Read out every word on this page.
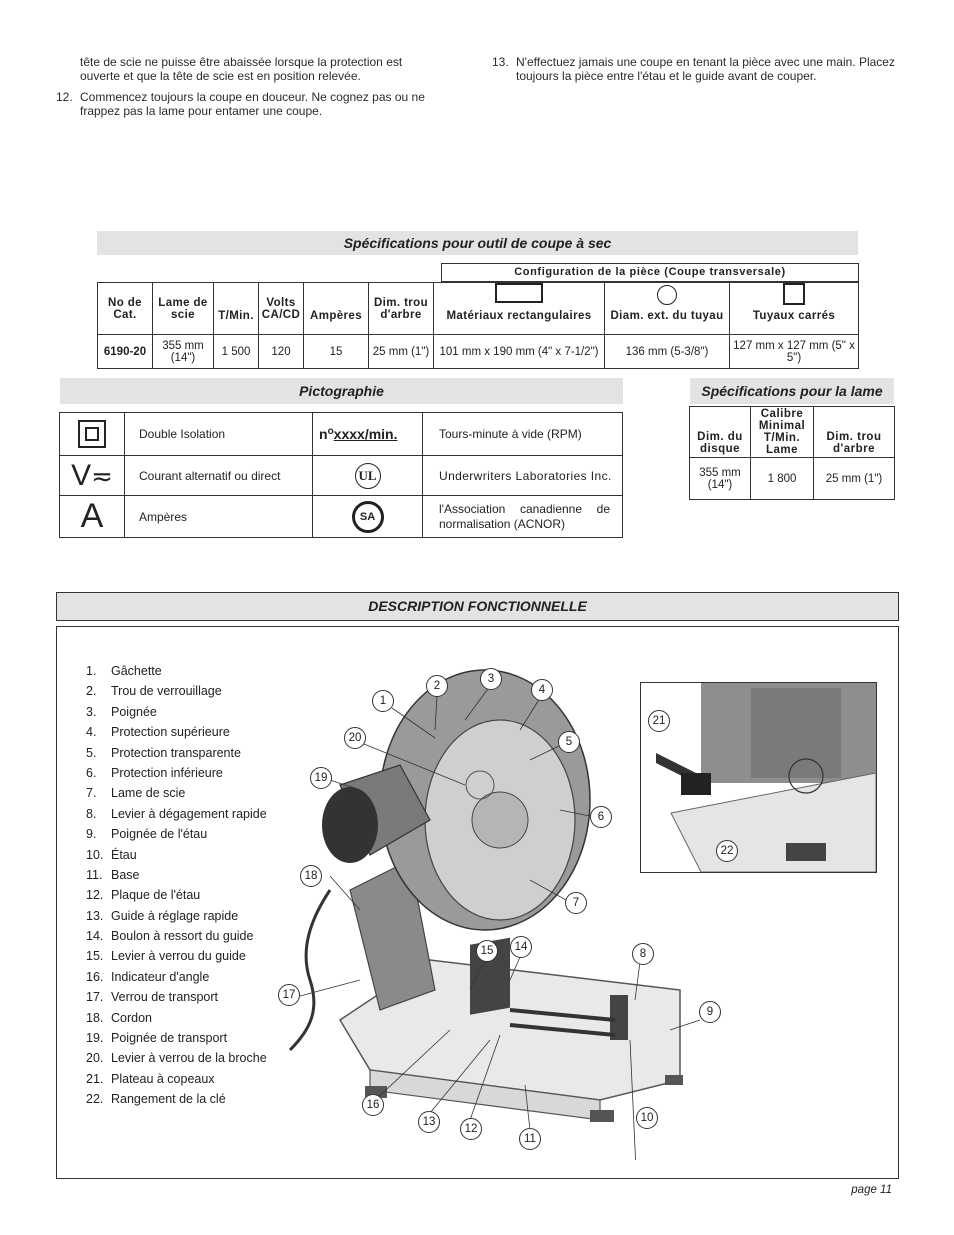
tête de scie ne puisse être abaissée lorsque la protection est ouverte et que la tête de scie est en position relevée.
12. Commencez toujours la coupe en douceur. Ne cognez pas ou ne frappez pas la lame pour entamer une coupe.
13. N'effectuez jamais une coupe en tenant la pièce avec une main. Placez toujours la pièce entre l'étau et le guide avant de couper.
Spécifications pour outil de coupe à sec
Configuration de la pièce (Coupe transversale)
No de Cat.	Lame de scie	T/Min.	Volts CA/CD	Ampères	Dim. trou d'arbre	Matériaux rectangulaires	Diam. ext. du tuyau	Tuyaux carrés
6190-20	355 mm (14")	1 500	120	15	25 mm (1")	101 mm x 190 mm (4" x 7-1/2")	136 mm (5-3/8")	127 mm x 127 mm (5" x 5")
Pictographie
	Double Isolation	$n^oxxxx/\min$.	Tours-minute à vide (RPM)
V≂	Courant alternatif ou direct	UL	Underwriters Laboratories Inc.
A	Ampères	SA	l'Association canadienne de normalisation (ACNOR)
Spécifications pour la lame
Dim. du disque	Calibre Minimal T/Min. Lame	Dim. trou d'arbre
355 mm (14")	1 800	25 mm (1")
DESCRIPTION FONCTIONNELLE
1.	Gâchette
2.	Trou de verrouillage
3.	Poignée
4.	Protection supérieure
5.	Protection transparente
6.	Protection inférieure
7.	Lame de scie
8.	Levier à dégagement rapide
9.	Poignée de l'étau
10. Étau
11. Base
12. Plaque de l'étau
13. Guide à réglage rapide
14. Boulon à ressort du guide
15. Levier à verrou du guide
16. Indicateur d'angle
17. Verrou de transport
18. Cordon
19. Poignée de transport
20. Levier à verrou de la broche
21. Plateau à copeaux
22. Rangement de la clé
1
2
3
4
5
6
7
8
9
10
11
12
13
14
15
16
17
18
19
20
21
22
page 11
